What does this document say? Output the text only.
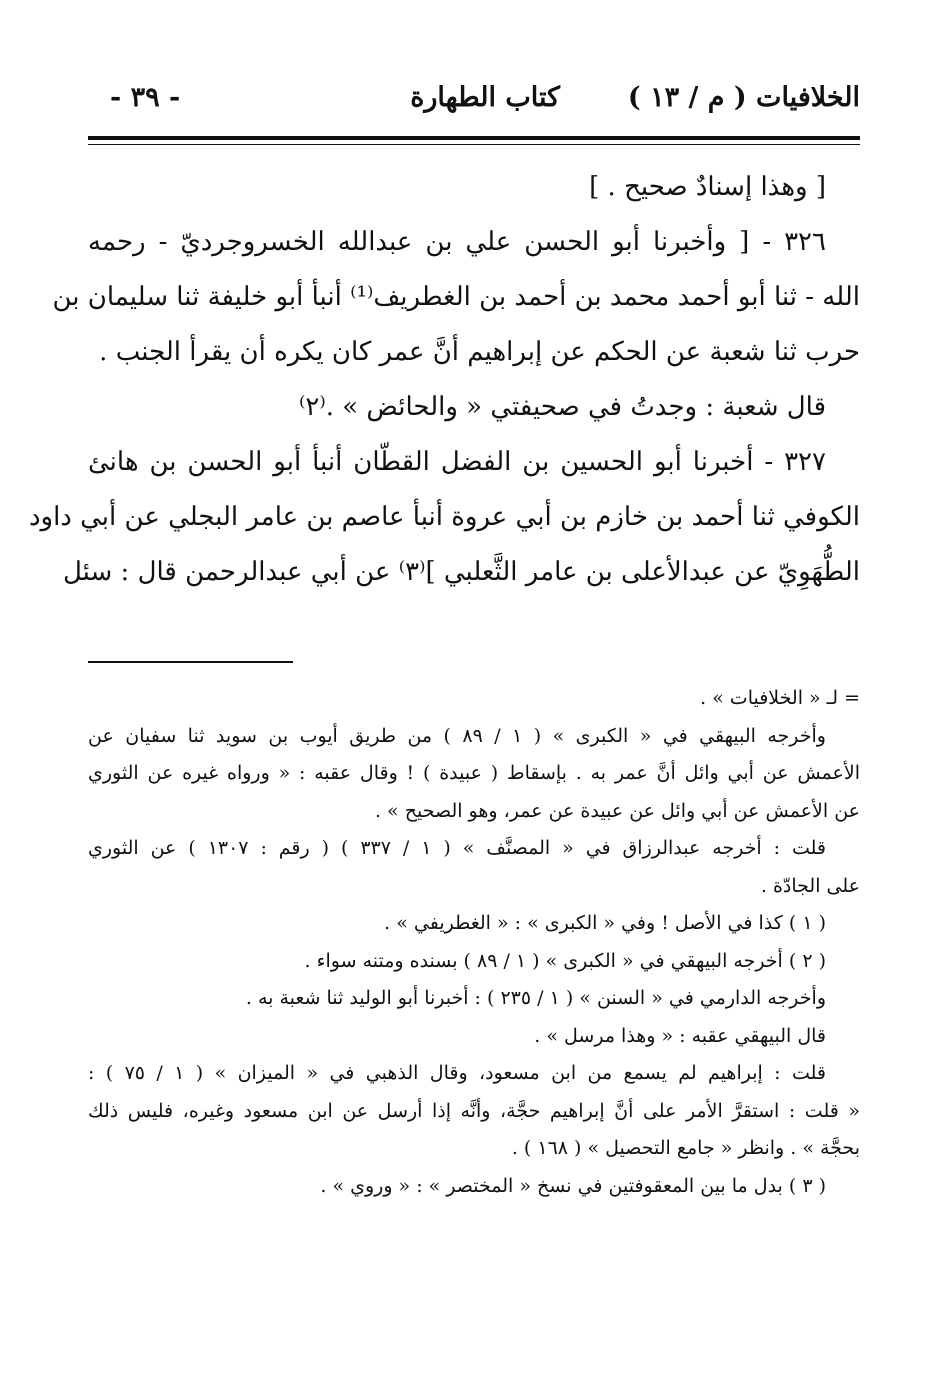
الخلافيات ( م / ١٣ )
كتاب الطهارة
- ٣٩ -
[ وهذا إسنادٌ صحيح . ]
٣٢٦ - [ وأخبرنا أبو الحسن علي بن عبدالله الخسروجرديّ - رحمه
الله - ثنا أبو أحمد محمد بن أحمد بن الغطريف⁽¹⁾ أنبأ أبو خليفة ثنا سليمان بن
حرب ثنا شعبة عن الحكم عن إبراهيم أنَّ عمر كان يكره أن يقرأ الجنب .
قال شعبة : وجدتُ في صحيفتي « والحائض » .⁽٢⁾
٣٢٧ - أخبرنا أبو الحسين بن الفضل القطّان أنبأ أبو الحسن بن هانئ
الكوفي ثنا أحمد بن خازم بن أبي عروة أنبأ عاصم بن عامر البجلي عن أبي داود
الطُّهَوِيّ عن عبدالأعلى بن عامر الثَّعلبي ]⁽٣⁾ عن أبي عبدالرحمن قال : سئل
= لـ « الخلافيات » .
وأخرجه البيهقي في « الكبرى » ( ١ / ٨٩ ) من طريق أيوب بن سويد ثنا سفيان عن
الأعمش عن أبي وائل أنَّ عمر به . بإسقاط ( عبيدة ) ! وقال عقبه : « ورواه غيره عن الثوري
عن الأعمش عن أبي وائل عن عبيدة عن عمر، وهو الصحيح » .
قلت : أخرجه عبدالرزاق في « المصنَّف » ( ١ / ٣٣٧ ) ( رقم : ١٣٠٧ ) عن الثوري
على الجادّة .
( ١ ) كذا في الأصل ! وفي « الكبرى » : « الغطريفي » .
( ٢ ) أخرجه البيهقي في « الكبرى » ( ١ / ٨٩ ) بسنده ومتنه سواء .
وأخرجه الدارمي في « السنن » ( ١ / ٢٣٥ ) : أخبرنا أبو الوليد ثنا شعبة به .
قال البيهقي عقبه : « وهذا مرسل » .
قلت : إبراهيم لم يسمع من ابن مسعود، وقال الذهبي في « الميزان » ( ١ / ٧٥ ) :
« قلت : استقرَّ الأمر على أنَّ إبراهيم حجَّة، وأنَّه إذا أرسل عن ابن مسعود وغيره، فليس ذلك
بحجَّة » . وانظر « جامع التحصيل » ( ١٦٨ ) .
( ٣ ) بدل ما بين المعقوفتين في نسخ « المختصر » : « وروي » .
